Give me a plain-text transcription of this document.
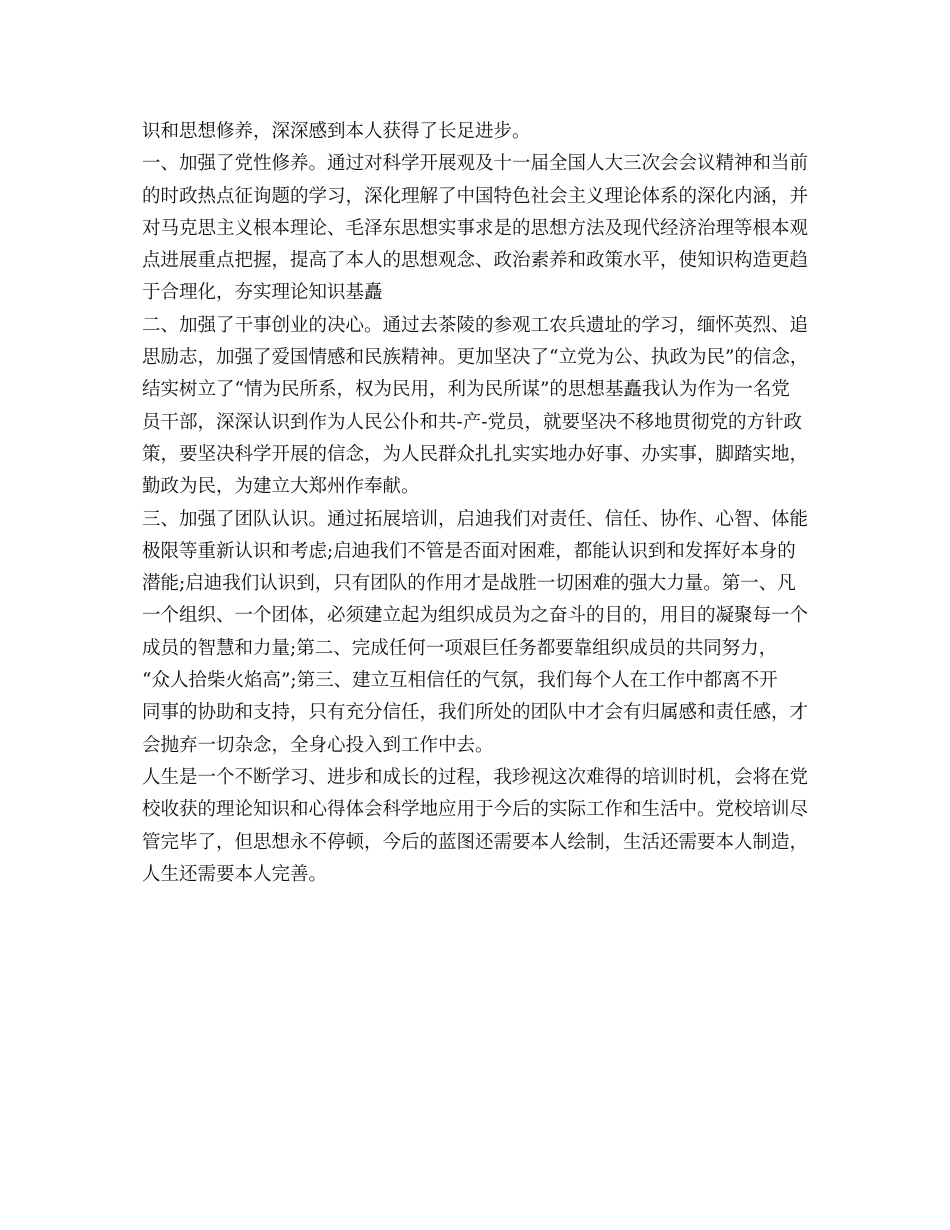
识和思想修养，深深感到本人获得了长足进步。
一、加强了党性修养。通过对科学开展观及十一届全国人大三次会会议精神和当前
的时政热点征询题的学习，深化理解了中国特色社会主义理论体系的深化内涵，并
对马克思主义根本理论、毛泽东思想实事求是的思想方法及现代经济治理等根本观
点进展重点把握，提高了本人的思想观念、政治素养和政策水平，使知识构造更趋
于合理化，夯实理论知识基矗
二、加强了干事创业的决心。通过去茶陵的参观工农兵遗址的学习，缅怀英烈、追
思励志，加强了爱国情感和民族精神。更加坚决了“立党为公、执政为民”的信念，
结实树立了“情为民所系，权为民用，利为民所谋”的思想基矗我认为作为一名党
员干部，深深认识到作为人民公仆和共-产-党员，就要坚决不移地贯彻党的方针政
策，要坚决科学开展的信念，为人民群众扎扎实实地办好事、办实事，脚踏实地，
勤政为民，为建立大郑州作奉献。
三、加强了团队认识。通过拓展培训，启迪我们对责任、信任、协作、心智、体能
极限等重新认识和考虑;启迪我们不管是否面对困难，都能认识到和发挥好本身的
潜能;启迪我们认识到，只有团队的作用才是战胜一切困难的强大力量。第一、凡
一个组织、一个团体，必须建立起为组织成员为之奋斗的目的，用目的凝聚每一个
成员的智慧和力量;第二、完成任何一项艰巨任务都要靠组织成员的共同努力，
“众人拾柴火焰高”;第三、建立互相信任的气氛，我们每个人在工作中都离不开
同事的协助和支持，只有充分信任，我们所处的团队中才会有归属感和责任感，才
会抛弃一切杂念，全身心投入到工作中去。
人生是一个不断学习、进步和成长的过程，我珍视这次难得的培训时机，会将在党
校收获的理论知识和心得体会科学地应用于今后的实际工作和生活中。党校培训尽
管完毕了，但思想永不停顿，今后的蓝图还需要本人绘制，生活还需要本人制造，
人生还需要本人完善。
